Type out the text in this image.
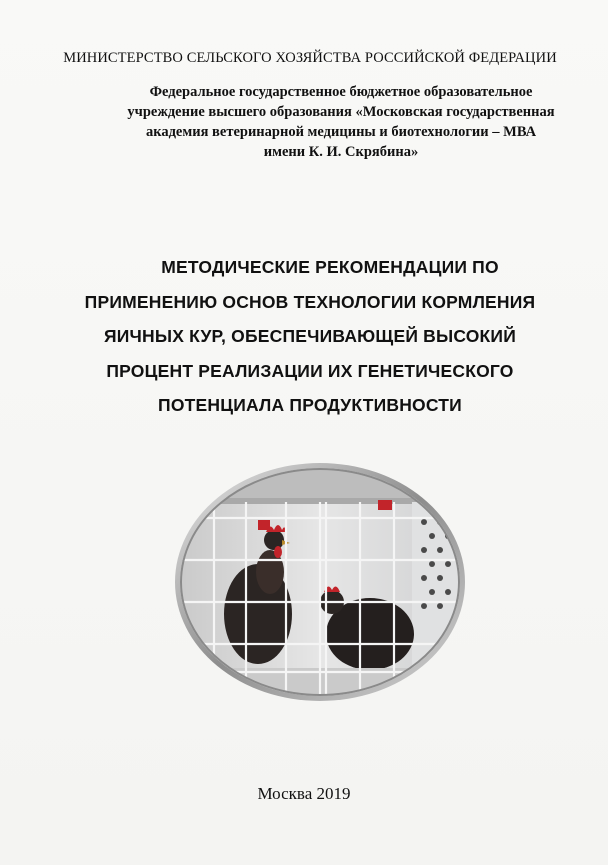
МИНИСТЕРСТВО СЕЛЬСКОГО ХОЗЯЙСТВА РОССИЙСКОЙ ФЕДЕРАЦИИ
Федеральное государственное бюджетное образовательное
учреждение высшего образования «Московская государственная
академия ветеринарной медицины и биотехнологии – МВА
имени К. И. Скрябина»
МЕТОДИЧЕСКИЕ РЕКОМЕНДАЦИИ ПО
ПРИМЕНЕНИЮ ОСНОВ ТЕХНОЛОГИИ КОРМЛЕНИЯ
ЯИЧНЫХ КУР, ОБЕСПЕЧИВАЮЩЕЙ ВЫСОКИЙ
ПРОЦЕНТ РЕАЛИЗАЦИИ ИХ ГЕНЕТИЧЕСКОГО
ПОТЕНЦИАЛА ПРОДУКТИВНОСТИ
Москва 2019
